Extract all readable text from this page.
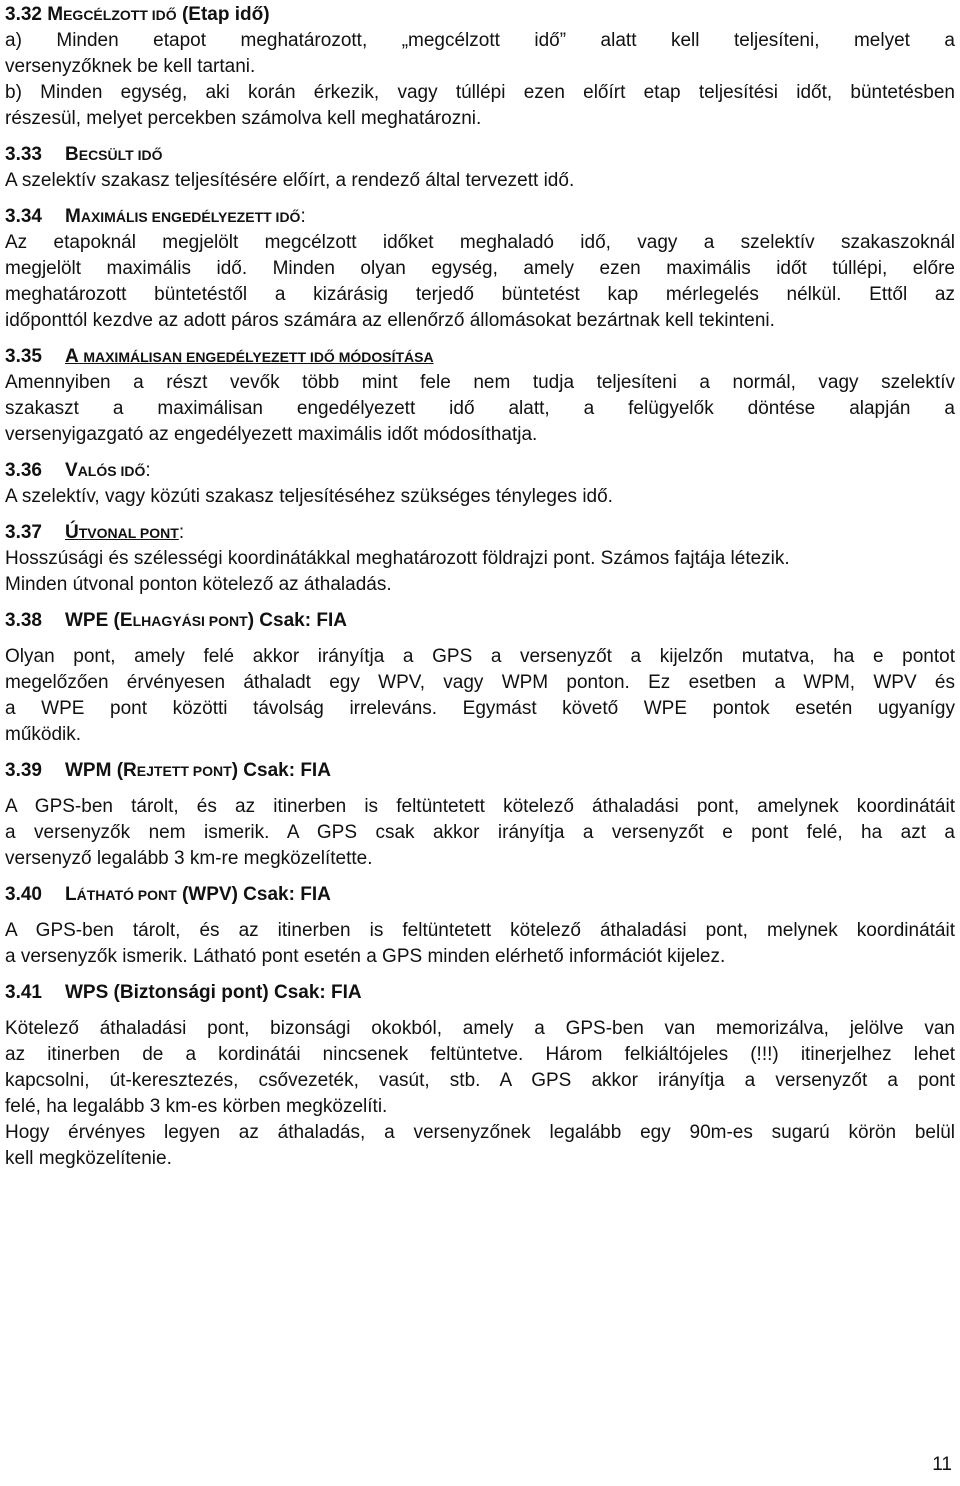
3.32 MEGCÉLZOTT IDŐ (Etap idő)

a) Minden etapot meghatározott, „megcélzott idő” alatt kell teljesíteni, melyet a

versenyzőknek be kell tartani.

b) Minden egység, aki korán érkezik, vagy túllépi ezen előírt etap teljesítési időt, büntetésben

részesül, melyet percekben számolva kell meghatározni.

3.33 BECSÜLT IDŐ

A szelektív szakasz teljesítésére előírt, a rendező által tervezett idő.

3.34 MAXIMÁLIS ENGEDÉLYEZETT IDŐ:

Az etapoknál megjelölt megcélzott időket meghaladó idő, vagy a szelektív szakaszoknál

megjelölt maximális idő. Minden olyan egység, amely ezen maximális időt túllépi, előre

meghatározott büntetéstől a kizárásig terjedő büntetést kap mérlegelés nélkül. Ettől az

időponttól kezdve az adott páros számára az ellenőrző állomásokat bezártnak kell tekinteni.

3.35 A MAXIMÁLISAN ENGEDÉLYEZETT IDŐ MÓDOSÍTÁSA

Amennyiben a részt vevők több mint fele nem tudja teljesíteni a normál, vagy szelektív

szakaszt a maximálisan engedélyezett idő alatt, a felügyelők döntése alapján a

versenyigazgató az engedélyezett maximális időt módosíthatja.

3.36 VALÓS IDŐ:

A szelektív, vagy közúti szakasz teljesítéséhez szükséges tényleges idő.

3.37 ÚTVONAL PONT:

Hosszúsági és szélességi koordinátákkal meghatározott földrajzi pont. Számos fajtája létezik.

Minden útvonal ponton kötelező az áthaladás.

3.38 WPE (ELHAGYÁSI PONT) Csak: FIA

Olyan pont, amely felé akkor irányítja a GPS a versenyzőt a kijelzőn mutatva, ha e pontot

megelőzően érvényesen áthaladt egy WPV, vagy WPM ponton. Ez esetben a WPM, WPV és

a WPE pont közötti távolság irreleváns. Egymást követő WPE pontok esetén ugyanígy

működik.

3.39 WPM (REJTETT PONT) Csak: FIA

A GPS-ben tárolt, és az itinerben is feltüntetett kötelező áthaladási pont, amelynek koordinátáit

a versenyzők nem ismerik. A GPS csak akkor irányítja a versenyzőt e pont felé, ha azt a

versenyző legalább 3 km-re megközelítette.

3.40 LÁTHATÓ PONT (WPV) Csak: FIA

A GPS-ben tárolt, és az itinerben is feltüntetett kötelező áthaladási pont, melynek koordinátáit

a versenyzők ismerik. Látható pont esetén a GPS minden elérhető információt kijelez.

3.41 WPS (Biztonsági pont) Csak: FIA

Kötelező áthaladási pont, bizonsági okokból, amely a GPS-ben van memorizálva, jelölve van

az itinerben de a kordinátái nincsenek feltüntetve. Három felkiáltójeles (!!!) itinerjelhez lehet

kapcsolni, út-keresztezés, csővezeték, vasút, stb. A GPS akkor irányítja a versenyzőt a pont

felé, ha legalább 3 km-es körben megközelíti.

Hogy érvényes legyen az áthaladás, a versenyzőnek legalább egy 90m-es sugarú körön belül

kell megközelítenie.

11
